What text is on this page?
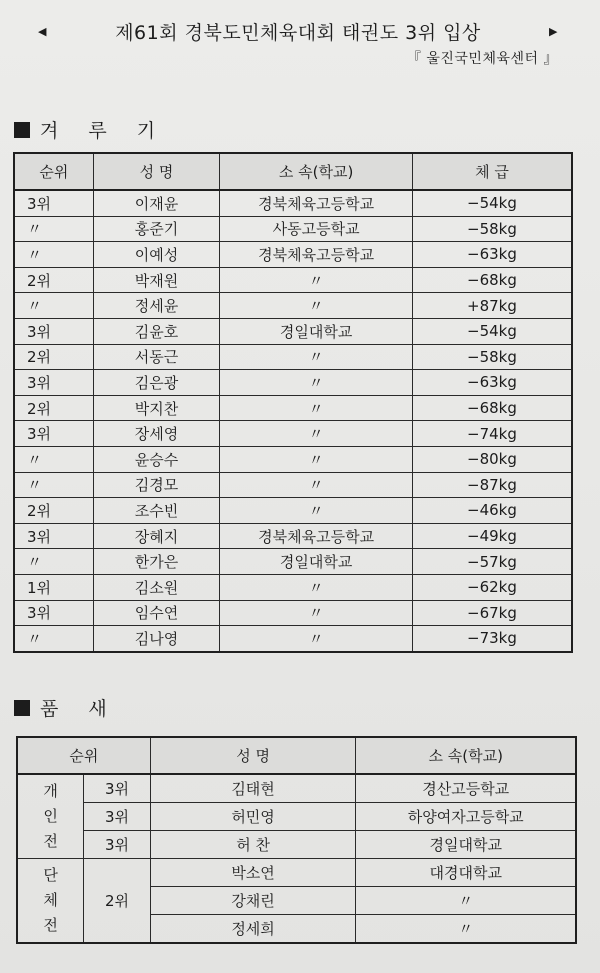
◀	제61회 경북도민체육대회 태권도 3위 입상	▶
『 울진국민체육센터 』
겨 루 기
순위	성 명	소 속(학교)	체 급
3위	이재윤	경북체육고등학교	−54kg
〃	홍준기	사동고등학교	−58kg
〃	이예성	경북체육고등학교	−63kg
2위	박재원	〃	−68kg
〃	정세윤	〃	+87kg
3위	김윤호	경일대학교	−54kg
2위	서동근	〃	−58kg
3위	김은광	〃	−63kg
2위	박지찬	〃	−68kg
3위	장세영	〃	−74kg
〃	윤승수	〃	−80kg
〃	김경모	〃	−87kg
2위	조수빈	〃	−46kg
3위	장혜지	경북체육고등학교	−49kg
〃	한가은	경일대학교	−57kg
1위	김소원	〃	−62kg
3위	임수연	〃	−67kg
〃	김나영	〃	−73kg
품 새
순위		성 명	소 속(학교)
개 인 전	3위	김태현	경산고등학교
	3위	허민영	하양여자고등학교
	3위	허 찬	경일대학교
단 체 전	2위	박소연	대경대학교
		강채린	〃
		정세희	〃
